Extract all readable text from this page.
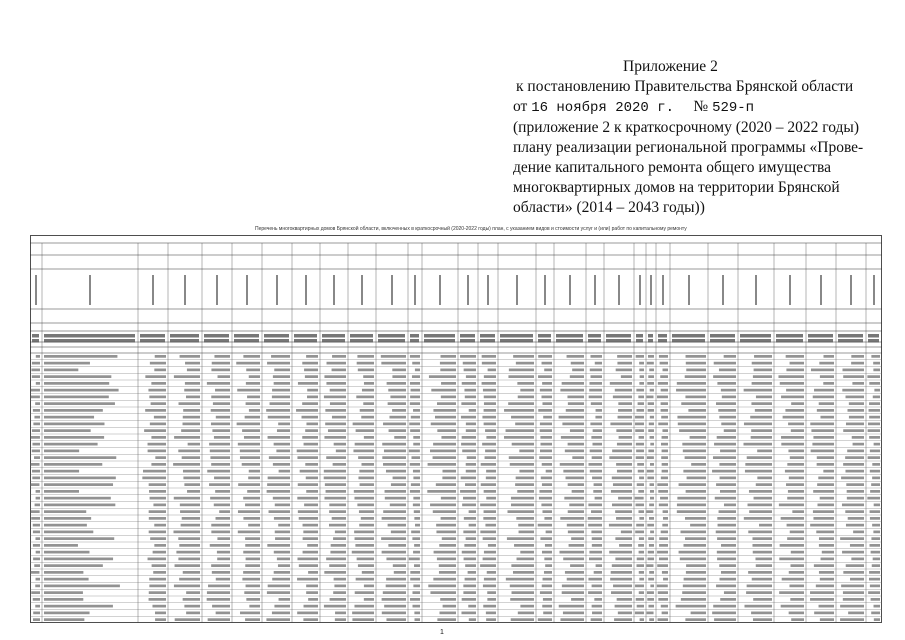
Приложение 2
к постановлению Правительства Брянской области
от 16 ноября 2020 г. № 529-п
(приложение 2 к краткосрочному (2020 – 2022 годы)
плану реализации региональной программы «Прове-
дение капитального ремонта общего имущества
многоквартирных домов на территории Брянской
области» (2014 – 2043 годы))
Перечень многоквартирных домов Брянской области, включенных в краткосрочный (2020-2022 годы) план, с указанием видов и стоимости услуг и (или) работ по капитальному ремонту
1
